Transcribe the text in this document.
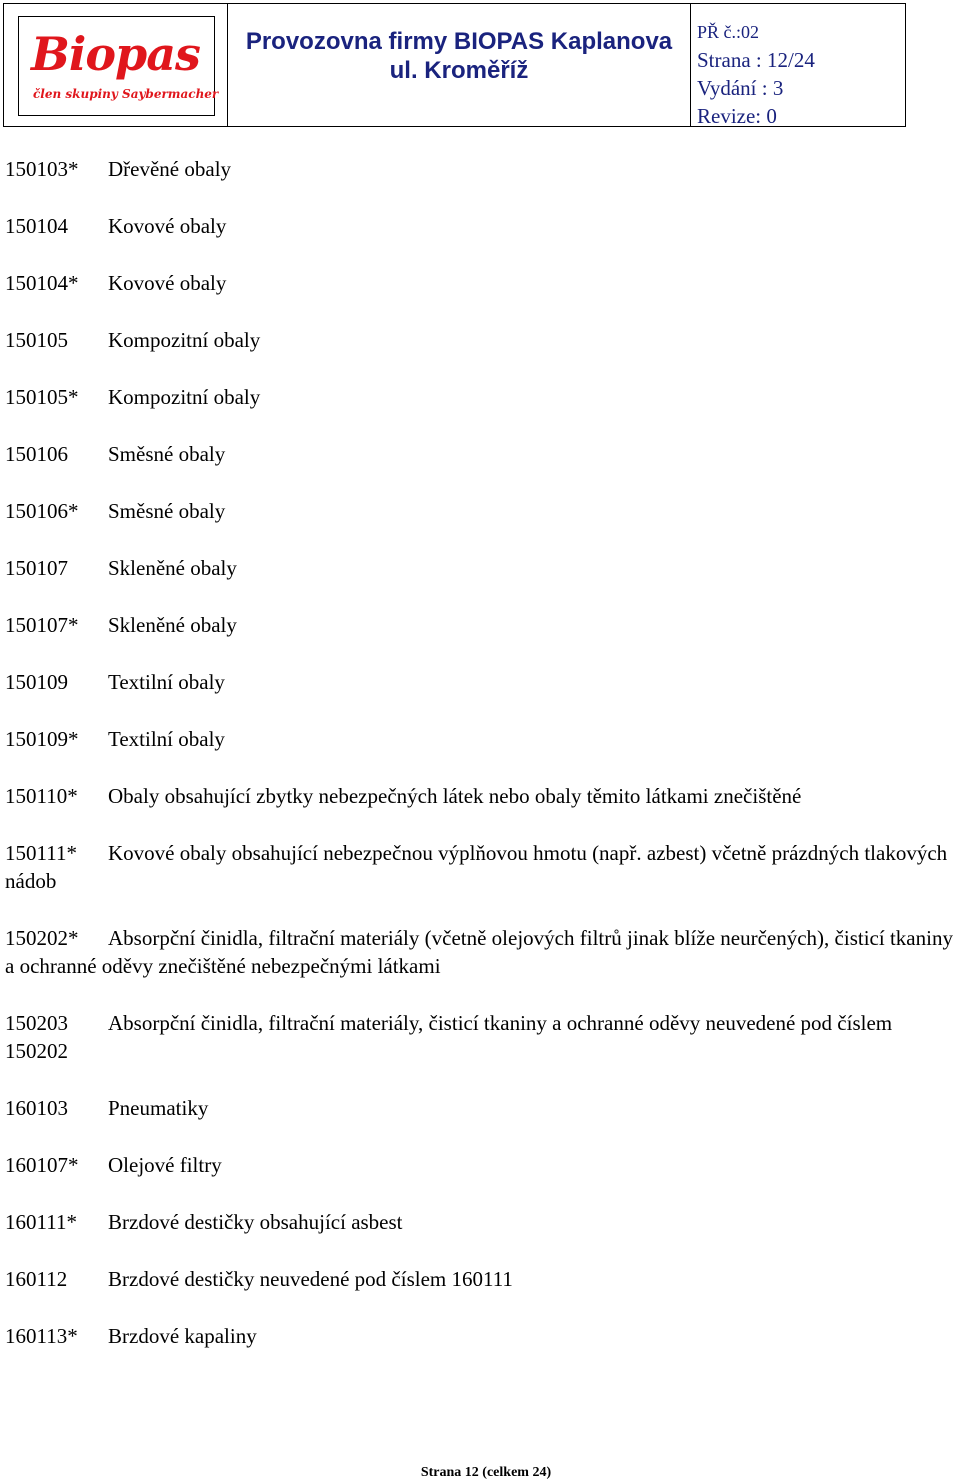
Biopas
člen skupiny Saybermacher
Provozovna firmy BIOPAS Kaplanova
ul. Kroměříž
PŘ č.:02
Strana : 12/24
Vydání : 3
Revize: 0
150103* Dřevěné obaly
150104 Kovové obaly
150104* Kovové obaly
150105 Kompozitní obaly
150105* Kompozitní obaly
150106 Směsné obaly
150106* Směsné obaly
150107 Skleněné obaly
150107* Skleněné obaly
150109 Textilní obaly
150109* Textilní obaly
150110* Obaly obsahující zbytky nebezpečných látek nebo obaly těmito látkami znečištěné
150111* Kovové obaly obsahující nebezpečnou výplňovou hmotu (např. azbest) včetně prázdných tlakových nádob
150202* Absorpční činidla, filtrační materiály (včetně olejových filtrů jinak blíže neurčených), čisticí tkaniny a ochranné oděvy znečištěné nebezpečnými látkami
150203 Absorpční činidla, filtrační materiály, čisticí tkaniny a ochranné oděvy neuvedené pod číslem 150202
160103 Pneumatiky
160107* Olejové filtry
160111* Brzdové destičky obsahující asbest
160112 Brzdové destičky neuvedené pod číslem 160111
160113* Brzdové kapaliny
Strana 12 (celkem 24)
